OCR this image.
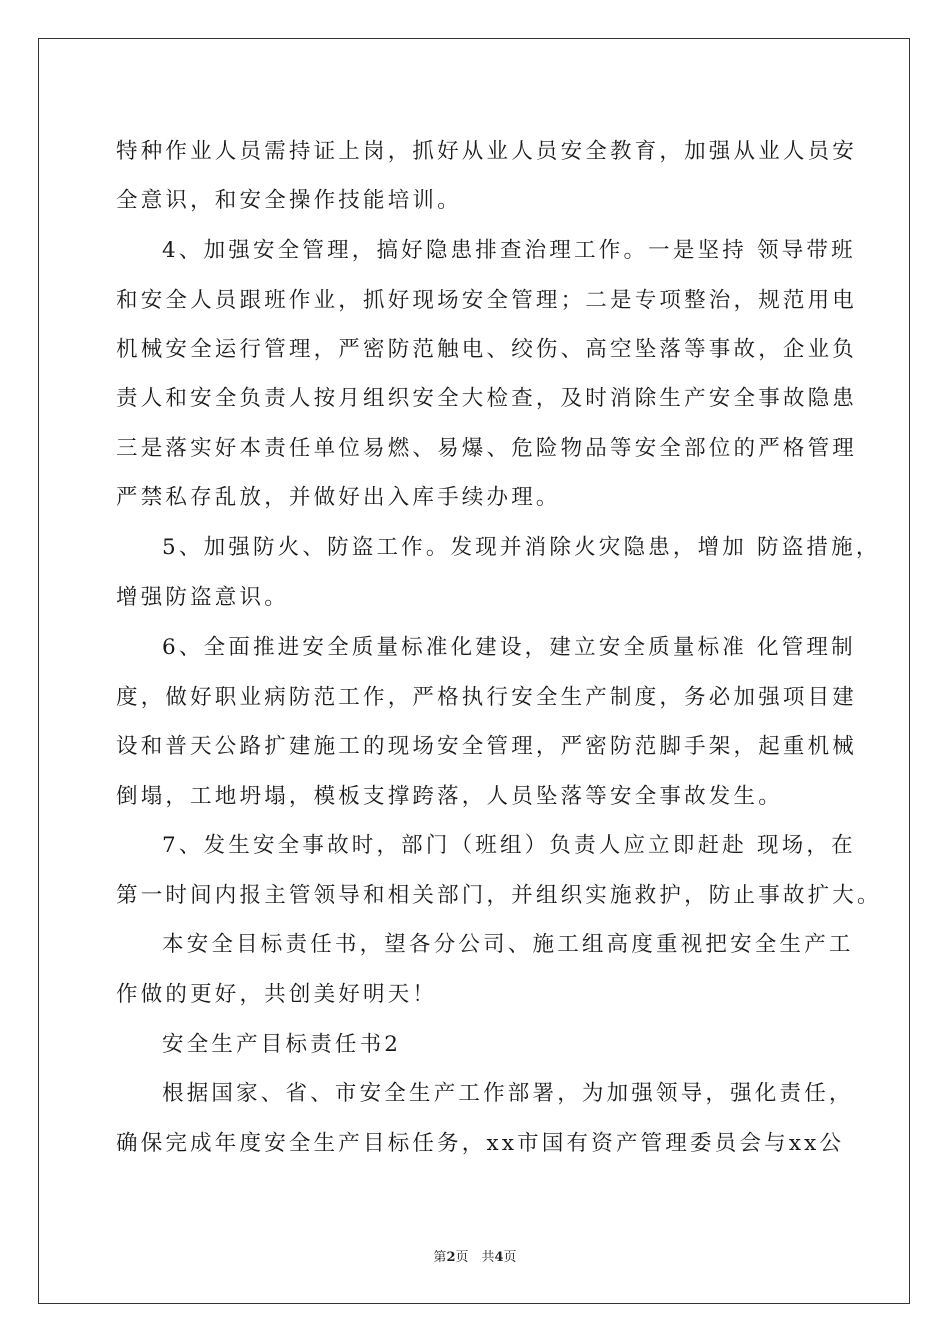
特种作业人员需持证上岗，抓好从业人员安全教育，加强从业人员安
全意识，和安全操作技能培训。
4、加强安全管理，搞好隐患排查治理工作。一是坚持 领导带班
和安全人员跟班作业，抓好现场安全管理；二是专项整治，规范用电
机械安全运行管理，严密防范触电、绞伤、高空坠落等事故，企业负
责人和安全负责人按月组织安全大检查，及时消除生产安全事故隐患
三是落实好本责任单位易燃、易爆、危险物品等安全部位的严格管理
严禁私存乱放，并做好出入库手续办理。
5、加强防火、防盗工作。发现并消除火灾隐患，增加 防盗措施，
增强防盗意识。
6、全面推进安全质量标准化建设，建立安全质量标准 化管理制
度，做好职业病防范工作，严格执行安全生产制度，务必加强项目建
设和普天公路扩建施工的现场安全管理，严密防范脚手架，起重机械
倒塌，工地坍塌，模板支撑跨落，人员坠落等安全事故发生。
7、发生安全事故时，部门（班组）负责人应立即赶赴 现场，在
第一时间内报主管领导和相关部门，并组织实施救护，防止事故扩大。
本安全目标责任书，望各分公司、施工组高度重视把安全生产工
作做的更好，共创美好明天！
安全生产目标责任书2
根据国家、省、市安全生产工作部署，为加强领导，强化责任，
确保完成年度安全生产目标任务，xx市国有资产管理委员会与xx公
第2页　共4页
